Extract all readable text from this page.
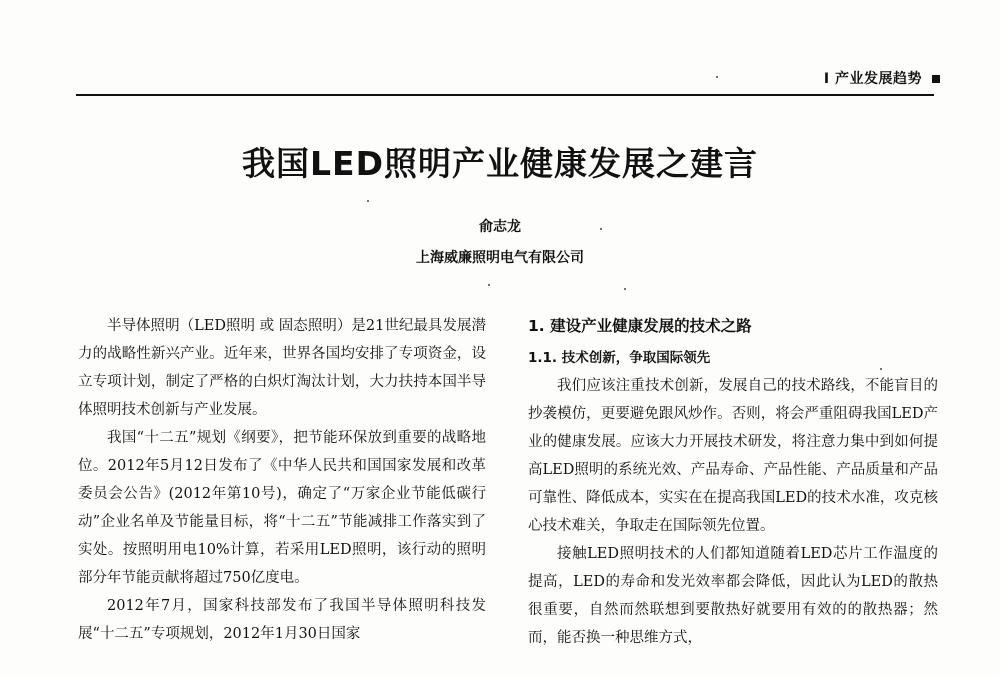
I 产业发展趋势
我国LED照明产业健康发展之建言
俞志龙
上海威廉照明电气有限公司

半导体照明（LED照明 或 固态照明）是21世纪最具发展潜力的战略性新兴产业。近年来，世界各国均安排了专项资金，设立专项计划，制定了严格的白炽灯淘汰计划，大力扶持本国半导体照明技术创新与产业发展。

我国“十二五”规划《纲要》，把节能环保放到重要的战略地位。2012年5月12日发布了《中华人民共和国国家发展和改革委员会公告》(2012年第10号)，确定了“万家企业节能低碳行动”企业名单及节能量目标，将“十二五”节能减排工作落实到了实处。按照明用电10%计算，若采用LED照明，该行动的照明部分年节能贡献将超过750亿度电。

2012年7月，国家科技部发布了我国半导体照明科技发展“十二五”专项规划，2012年1月30日国家

1. 建设产业健康发展的技术之路
1.1. 技术创新，争取国际领先

我们应该注重技术创新，发展自己的技术路线，不能盲目的抄袭模仿，更要避免跟风炒作。否则，将会严重阻碍我国LED产业的健康发展。应该大力开展技术研发，将注意力集中到如何提高LED照明的系统光效、产品寿命、产品性能、产品质量和产品可靠性、降低成本，实实在在提高我国LED的技术水准，攻克核心技术难关，争取走在国际领先位置。

接触LED照明技术的人们都知道随着LED芯片工作温度的提高，LED的寿命和发光效率都会降低，因此认为LED的散热很重要，自然而然联想到要散热好就要用有效的的散热器；然而，能否换一种思维方式，
